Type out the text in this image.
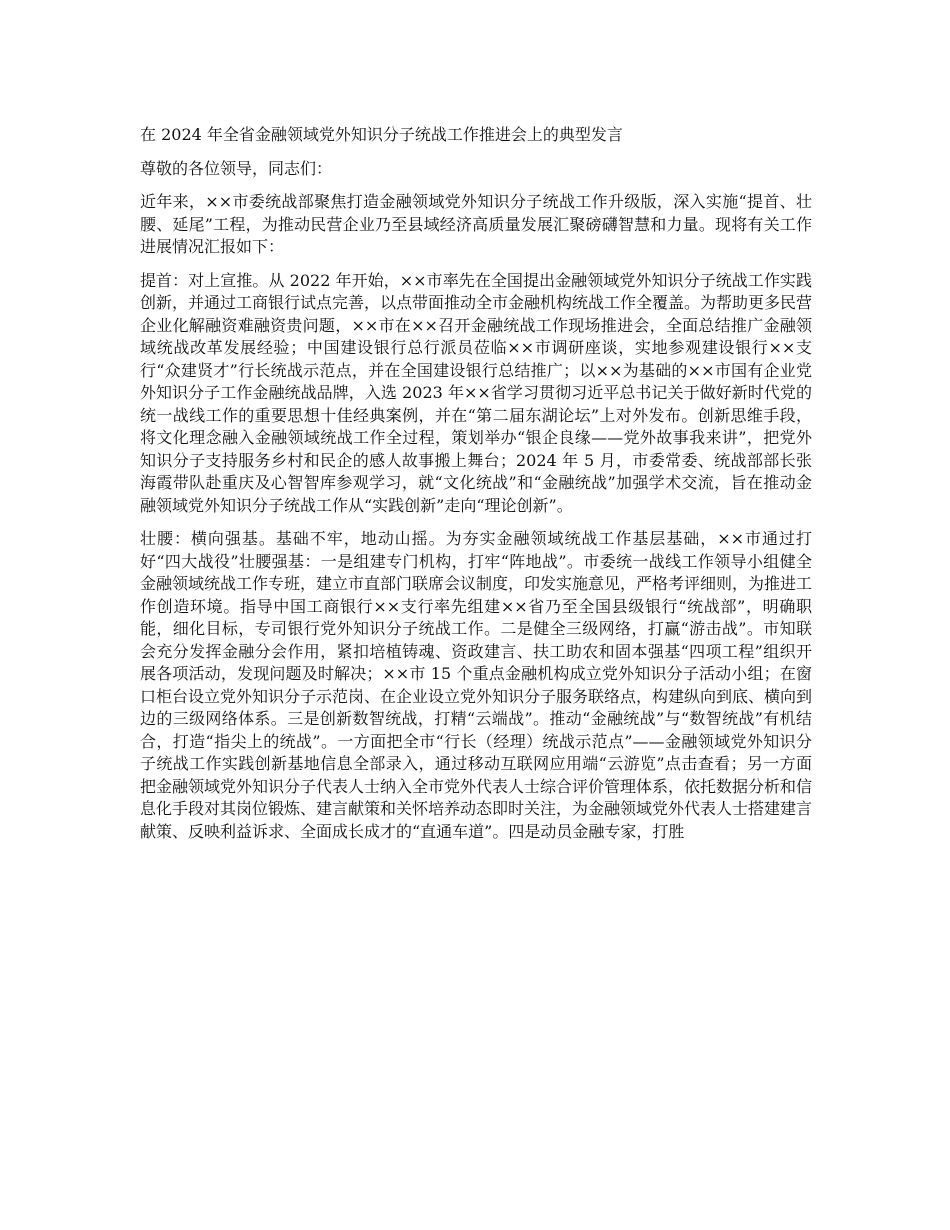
在 2024 年全省金融领域党外知识分子统战工作推进会上的典型发言

尊敬的各位领导，同志们：

近年来，××市委统战部聚焦打造金融领域党外知识分子统战工作升级版，深入实施“提首、壮腰、延尾”工程，为推动民营企业乃至县域经济高质量发展汇聚磅礴智慧和力量。现将有关工作进展情况汇报如下：

提首：对上宣推。从 2022 年开始，××市率先在全国提出金融领域党外知识分子统战工作实践创新，并通过工商银行试点完善，以点带面推动全市金融机构统战工作全覆盖。为帮助更多民营企业化解融资难融资贵问题，××市在××召开金融统战工作现场推进会，全面总结推广金融领域统战改革发展经验；中国建设银行总行派员莅临××市调研座谈，实地参观建设银行××支行“众建贤才”行长统战示范点，并在全国建设银行总结推广；以××为基础的××市国有企业党外知识分子工作金融统战品牌，入选 2023 年××省学习贯彻习近平总书记关于做好新时代党的统一战线工作的重要思想十佳经典案例，并在“第二届东湖论坛”上对外发布。创新思维手段，将文化理念融入金融领域统战工作全过程，策划举办“银企良缘——党外故事我来讲”，把党外知识分子支持服务乡村和民企的感人故事搬上舞台；2024 年 5 月，市委常委、统战部部长张海霞带队赴重庆及心智智库参观学习，就“文化统战”和“金融统战”加强学术交流，旨在推动金融领域党外知识分子统战工作从“实践创新”走向“理论创新”。

壮腰：横向强基。基础不牢，地动山摇。为夯实金融领域统战工作基层基础，××市通过打好“四大战役”壮腰强基：一是组建专门机构，打牢“阵地战”。市委统一战线工作领导小组健全金融领域统战工作专班，建立市直部门联席会议制度，印发实施意见，严格考评细则，为推进工作创造环境。指导中国工商银行××支行率先组建××省乃至全国县级银行“统战部”，明确职能，细化目标，专司银行党外知识分子统战工作。二是健全三级网络，打赢“游击战”。市知联会充分发挥金融分会作用，紧扣培植铸魂、资政建言、扶工助农和固本强基“四项工程”组织开展各项活动，发现问题及时解决；××市 15 个重点金融机构成立党外知识分子活动小组；在窗口柜台设立党外知识分子示范岗、在企业设立党外知识分子服务联络点，构建纵向到底、横向到边的三级网络体系。三是创新数智统战，打精“云端战”。推动“金融统战”与“数智统战”有机结合，打造“指尖上的统战”。一方面把全市“行长（经理）统战示范点”——金融领域党外知识分子统战工作实践创新基地信息全部录入，通过移动互联网应用端“云游览”点击查看；另一方面把金融领域党外知识分子代表人士纳入全市党外代表人士综合评价管理体系，依托数据分析和信息化手段对其岗位锻炼、建言献策和关怀培养动态即时关注，为金融领域党外代表人士搭建建言献策、反映利益诉求、全面成长成才的“直通车道”。四是动员金融专家，打胜
